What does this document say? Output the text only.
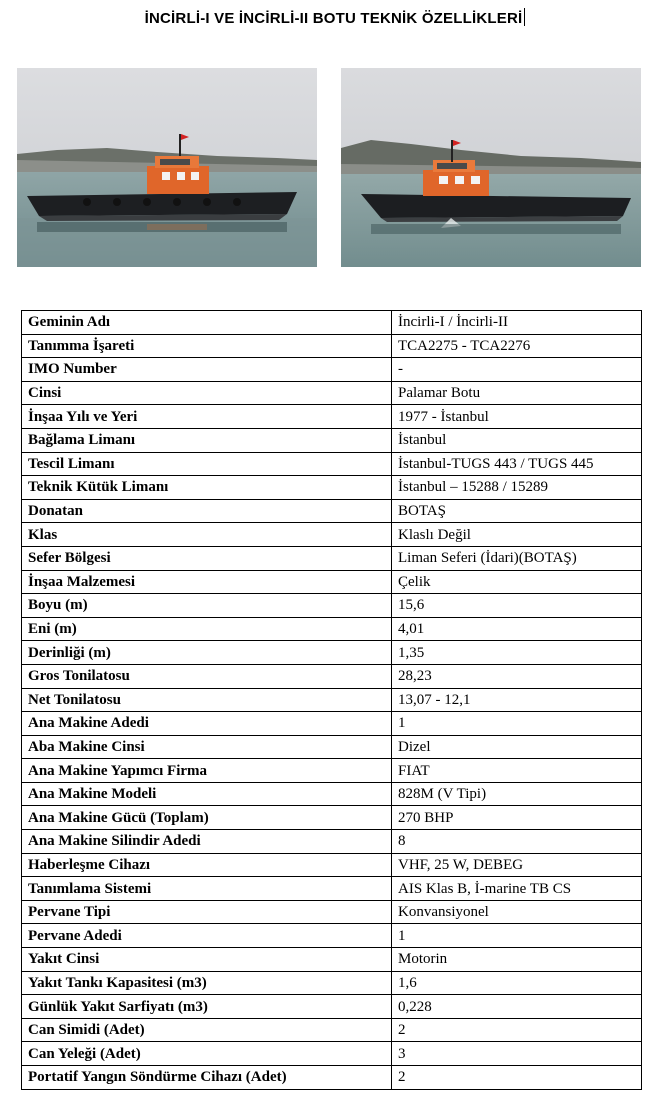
İNCİRLİ-I VE İNCİRLİ-II BOTU TEKNİK ÖZELLİKLERİ
Geminin Adı	İncirli-I / İncirli-II
Tanımma İşareti	TCA2275 - TCA2276
IMO Number	-
Cinsi	Palamar Botu
İnşaa Yılı ve Yeri	1977 - İstanbul
Bağlama Limanı	İstanbul
Tescil Limanı	İstanbul-TUGS 443 / TUGS 445
Teknik Kütük Limanı	İstanbul – 15288 / 15289
Donatan	BOTAŞ
Klas	Klaslı Değil
Sefer Bölgesi	Liman Seferi (İdari)(BOTAŞ)
İnşaa Malzemesi	Çelik
Boyu (m)	15,6
Eni (m)	4,01
Derinliği (m)	1,35
Gros Tonilatosu	28,23
Net Tonilatosu	13,07 - 12,1
Ana Makine Adedi	1
Aba Makine Cinsi	Dizel
Ana Makine Yapımcı Firma	FIAT
Ana Makine Modeli	828M (V Tipi)
Ana Makine Gücü (Toplam)	270 BHP
Ana Makine Silindir Adedi	8
Haberleşme Cihazı	VHF, 25 W, DEBEG
Tanımlama Sistemi	AIS Klas B, İ-marine TB CS
Pervane Tipi	Konvansiyonel
Pervane Adedi	1
Yakıt Cinsi	Motorin
Yakıt Tankı Kapasitesi (m3)	1,6
Günlük Yakıt Sarfiyatı (m3)	0,228
Can Simidi (Adet)	2
Can Yeleği (Adet)	3
Portatif Yangın Söndürme Cihazı (Adet)	2
